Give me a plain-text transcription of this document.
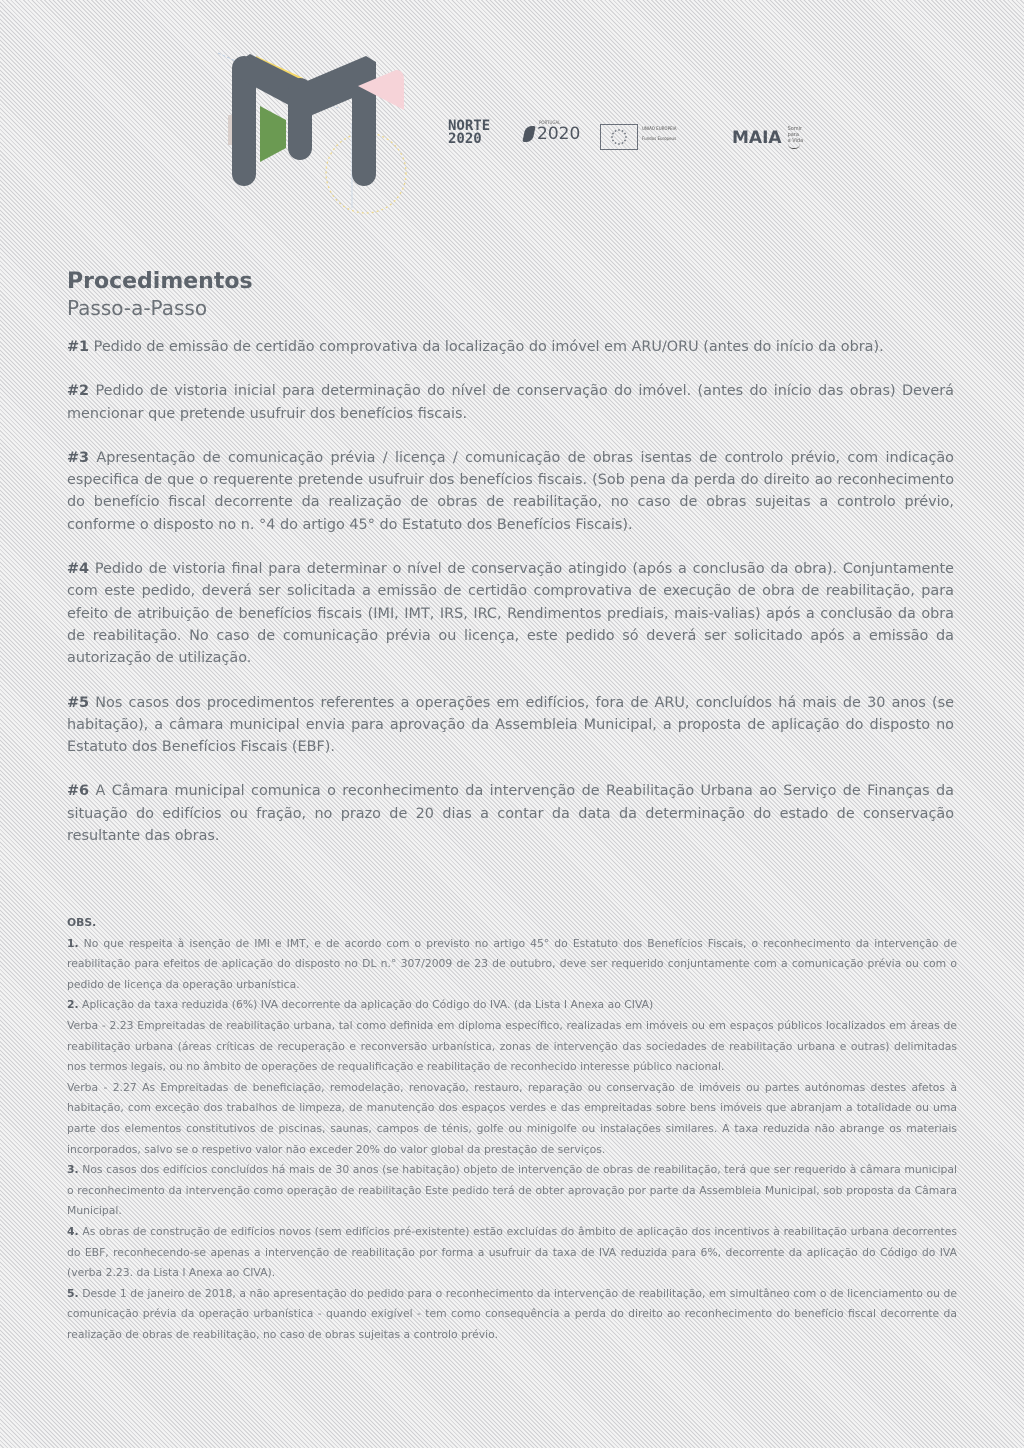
NORTE
2020
PORTUGAL
2020	UNIÃO EUROPEIA
Fundos Europeus	MAIA Somir
para
a Vida
Procedimentos
Passo-a-Passo

#1 Pedido de emissão de certidão comprovativa da localização do imóvel em ARU/ORU (antes do início da obra).

#2 Pedido de vistoria inicial para determinação do nível de conservação do imóvel. (antes do início das obras) Deverá mencionar que pretende usufruir dos benefícios fiscais.

#3 Apresentação de comunicação prévia / licença / comunicação de obras isentas de controlo prévio, com indicação especifica de que o requerente pretende usufruir dos benefícios fiscais. (Sob pena da perda do direito ao reconhecimento do benefício fiscal decorrente da realização de obras de reabilitação, no caso de obras sujeitas a controlo prévio, conforme o disposto no n. °4 do artigo 45° do Estatuto dos Benefícios Fiscais).

#4 Pedido de vistoria final para determinar o nível de conservação atingido (após a conclusão da obra). Conjuntamente com este pedido, deverá ser solicitada a emissão de certidão comprovativa de execução de obra de reabilitação, para efeito de atribuição de benefícios fiscais (IMI, IMT, IRS, IRC, Rendimentos prediais, mais-valias) após a conclusão da obra de reabilitação. No caso de comunicação prévia ou licença, este pedido só deverá ser solicitado após a emissão da autorização de utilização.

#5 Nos casos dos procedimentos referentes a operações em edifícios, fora de ARU, concluídos há mais de 30 anos (se habitação), a câmara municipal envia para aprovação da Assembleia Municipal, a proposta de aplicação do disposto no Estatuto dos Benefícios Fiscais (EBF).

#6 A Câmara municipal comunica o reconhecimento da intervenção de Reabilitação Urbana ao Serviço de Finanças da situação do edifícios ou fração, no prazo de 20 dias a contar da data da determinação do estado de conservação resultante das obras.

OBS.

1. No que respeita à isenção de IMI e IMT, e de acordo com o previsto no artigo 45° do Estatuto dos Benefícios Fiscais, o reconhecimento da intervenção de reabilitação para efeitos de aplicação do disposto no DL n.° 307/2009 de 23 de outubro, deve ser requerido conjuntamente com a comunicação prévia ou com o pedido de licença da operação urbanística.

2. Aplicação da taxa reduzida (6%) IVA decorrente da aplicação do Código do IVA. (da Lista I Anexa ao CIVA)

Verba - 2.23 Empreitadas de reabilitação urbana, tal como definida em diploma específico, realizadas em imóveis ou em espaços públicos localizados em áreas de reabilitação urbana (áreas críticas de recuperação e reconversão urbanística, zonas de intervenção das sociedades de reabilitação urbana e outras) delimitadas nos termos legais, ou no âmbito de operações de requalificação e reabilitação de reconhecido interesse público nacional.

Verba - 2.27 As Empreitadas de beneficiação, remodelação, renovação, restauro, reparação ou conservação de imóveis ou partes autónomas destes afetos à habitação, com exceção dos trabalhos de limpeza, de manutenção dos espaços verdes e das empreitadas sobre bens imóveis que abranjam a totalidade ou uma parte dos elementos constitutivos de piscinas, saunas, campos de ténis, golfe ou minigolfe ou instalações similares. A taxa reduzida não abrange os materiais incorporados, salvo se o respetivo valor não exceder 20% do valor global da prestação de serviços.

3. Nos casos dos edifícios concluídos há mais de 30 anos (se habitação) objeto de intervenção de obras de reabilitação, terá que ser requerido à câmara municipal o reconhecimento da intervenção como operação de reabilitação Este pedido terá de obter aprovação por parte da Assembleia Municipal, sob proposta da Câmara Municipal.

4. As obras de construção de edifícios novos (sem edifícios pré-existente) estão excluídas do âmbito de aplicação dos incentivos à reabilitação urbana decorrentes do EBF, reconhecendo-se apenas a intervenção de reabilitação por forma a usufruir da taxa de IVA reduzida para 6%, decorrente da aplicação do Código do IVA (verba 2.23. da Lista I Anexa ao CIVA).

5. Desde 1 de janeiro de 2018, a não apresentação do pedido para o reconhecimento da intervenção de reabilitação, em simultâneo com o de licenciamento ou de comunicação prévia da operação urbanística - quando exigível - tem como consequência a perda do direito ao reconhecimento do benefício fiscal decorrente da realização de obras de reabilitação, no caso de obras sujeitas a controlo prévio.
